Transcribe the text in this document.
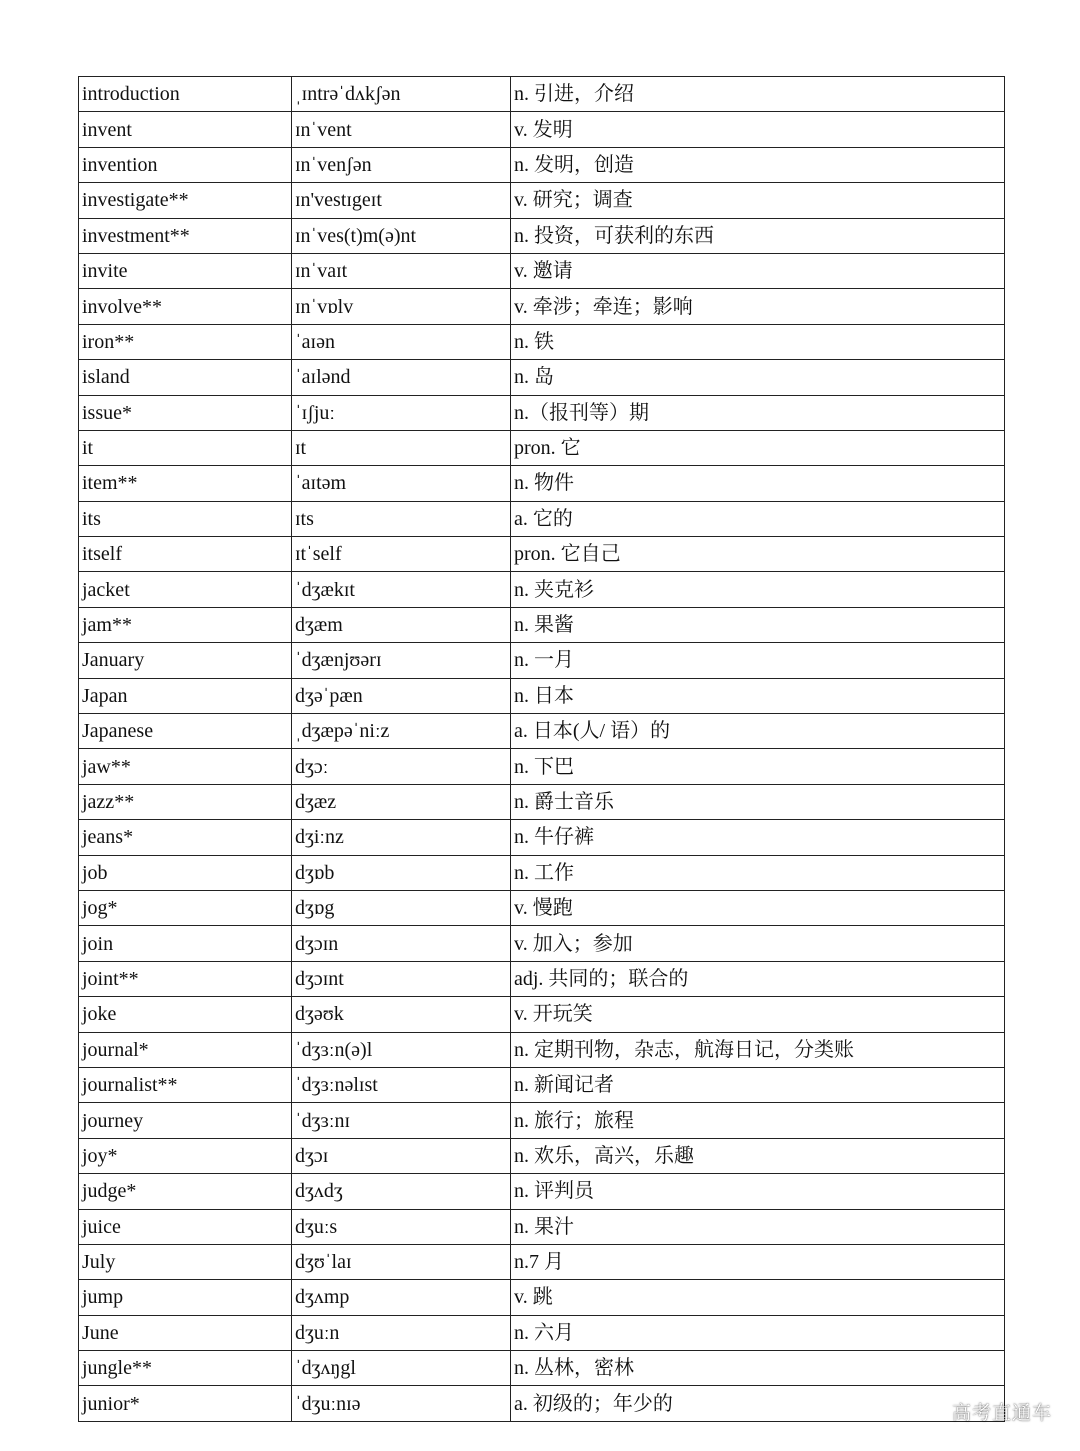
introduction	ˌɪntrəˈdʌkʃən	n. 引进，介绍
invent	ɪnˈvent	v. 发明
invention	ɪnˈvenʃən	n. 发明，创造
investigate**	ɪn'vestɪgeɪt	v. 研究；调查
investment**	ɪnˈves(t)m(ə)nt	n. 投资，可获利的东西
invite	ɪnˈvaɪt	v. 邀请
involve**	ɪnˈvɒlv	v. 牵涉；牵连；影响
iron**	ˈaɪən	n. 铁
island	ˈaɪlənd	n. 岛
issue*	ˈɪʃjuː	n.（报刊等）期
it	ɪt	pron. 它
item**	ˈaɪtəm	n. 物件
its	ɪts	a. 它的
itself	ɪtˈself	pron. 它自己
jacket	ˈdʒækɪt	n. 夹克衫
jam**	dʒæm	n. 果酱
January	ˈdʒænjʊərɪ	n. 一月
Japan	dʒəˈpæn	n. 日本
Japanese	ˌdʒæpəˈniːz	a. 日本(人/ 语）的
jaw**	dʒɔː	n. 下巴
jazz**	dʒæz	n. 爵士音乐
jeans*	dʒiːnz	n. 牛仔裤
job	dʒɒb	n. 工作
jog*	dʒɒg	v. 慢跑
join	dʒɔɪn	v. 加入；参加
joint**	dʒɔɪnt	adj. 共同的；联合的
joke	dʒəʊk	v. 开玩笑
journal*	ˈdʒɜːn(ə)l	n. 定期刊物，杂志，航海日记，分类账
journalist**	ˈdʒɜːnəlɪst	n. 新闻记者
journey	ˈdʒɜːnɪ	n. 旅行；旅程
joy*	dʒɔɪ	n. 欢乐，高兴，乐趣
judge*	dʒʌdʒ	n. 评判员
juice	dʒuːs	n. 果汁
July	dʒʊˈlaɪ	n.7 月
jump	dʒʌmp	v. 跳
June	dʒuːn	n. 六月
jungle**	ˈdʒʌŋgl	n. 丛林，密林
junior*	ˈdʒuːnɪə	a. 初级的；年少的	高考直通车
